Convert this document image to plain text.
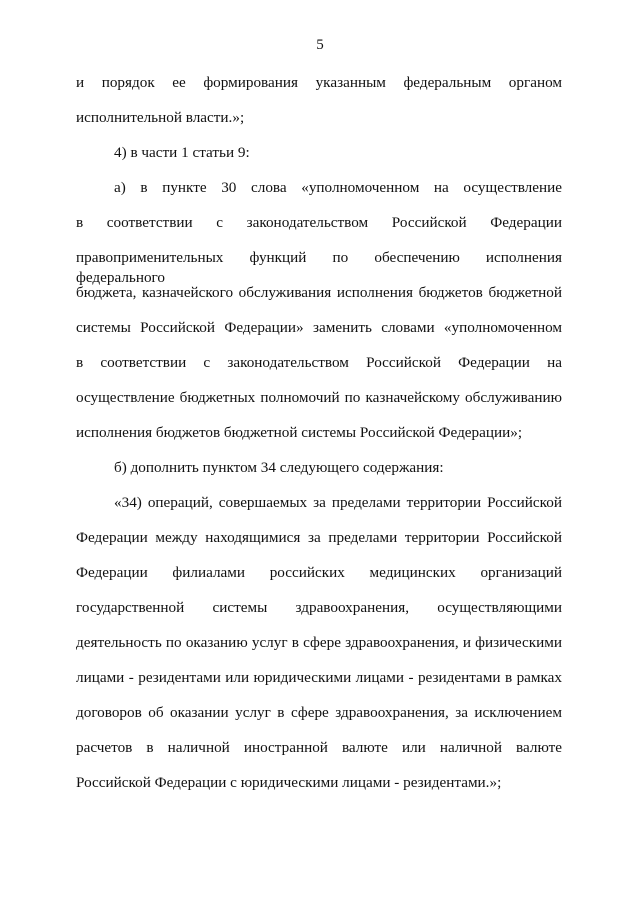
5
и порядок ее формирования указанным федеральным органом
исполнительной власти.»;
4) в части 1 статьи 9:
а) в пункте 30 слова «уполномоченном на осуществление
в соответствии с законодательством Российской Федерации
правоприменительных функций по обеспечению исполнения федерального
бюджета, казначейского обслуживания исполнения бюджетов бюджетной
системы Российской Федерации» заменить словами «уполномоченном
в соответствии с законодательством Российской Федерации на
осуществление бюджетных полномочий по казначейскому обслуживанию
исполнения бюджетов бюджетной системы Российской Федерации»;
б) дополнить пунктом 34 следующего содержания:
«34) операций, совершаемых за пределами территории Российской
Федерации между находящимися за пределами территории Российской
Федерации филиалами российских медицинских организаций
государственной системы здравоохранения, осуществляющими
деятельность по оказанию услуг в сфере здравоохранения, и физическими
лицами - резидентами или юридическими лицами - резидентами в рамках
договоров об оказании услуг в сфере здравоохранения, за исключением
расчетов в наличной иностранной валюте или наличной валюте
Российской Федерации с юридическими лицами - резидентами.»;
